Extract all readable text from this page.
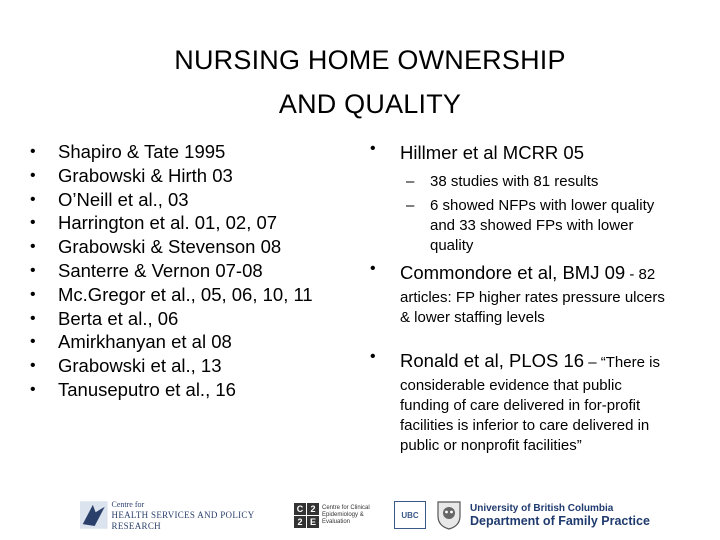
NURSING HOME OWNERSHIP
AND QUALITY
• Shapiro & Tate 1995
• Grabowski & Hirth 03
• O’Neill et al., 03
• Harrington et al. 01, 02, 07
• Grabowski & Stevenson 08
• Santerre & Vernon 07-08
• Mc.Gregor et al., 05, 06, 10, 11
• Berta et al., 06
• Amirkhanyan et al 08
• Grabowski et al., 13
• Tanuseputro et al., 16
• Hillmer et al MCRR 05
– 38 studies with 81 results
– 6 showed NFPs with lower quality and 33 showed FPs with lower quality
• Commondore et al, BMJ 09 - 82
articles: FP higher rates pressure ulcers & lower staffing levels
• Ronald et al, PLOS 16 – “There is
considerable evidence that public funding of care delivered in for-profit facilities is inferior to care delivered in public or nonprofit facilities”
Centre for
HEALTH SERVICES AND POLICY RESEARCH
C 2
2 E
Centre for Clinical Epidemiology & Evaluation
UBC
University of British Columbia
Department of Family Practice
